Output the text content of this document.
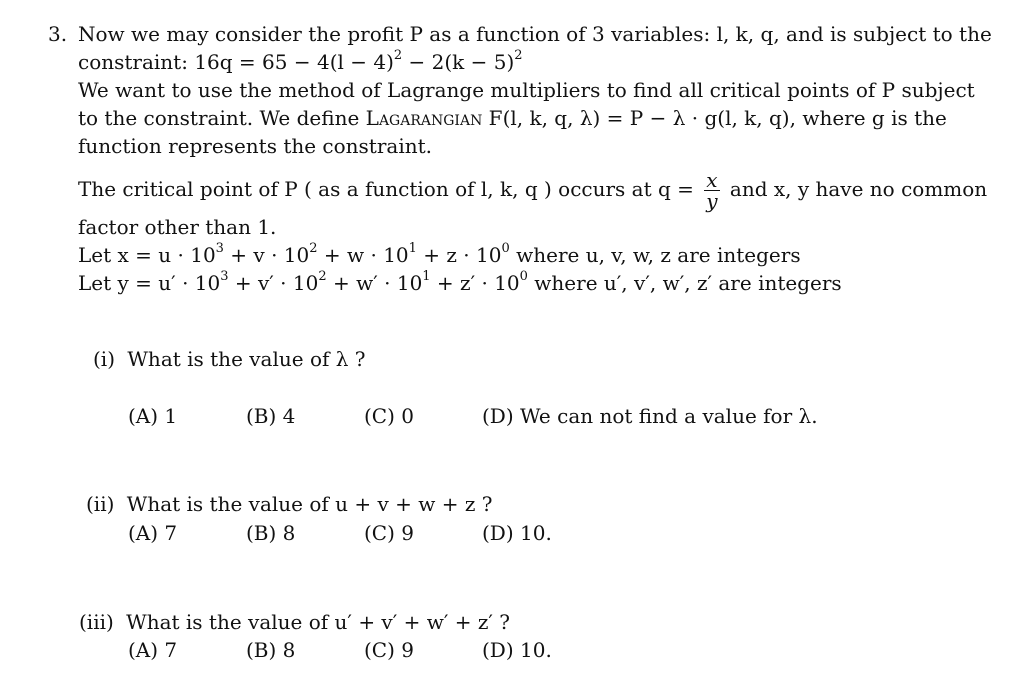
3. Now we may consider the profit P as a function of 3 variables: l, k, q, and is subject to the
constraint: $16q = 65 - 4(l - 4)^2 - 2(k - 5)^2$
We want to use the method of Lagrange multipliers to find all critical points of P subject
to the constraint. We define Lagarangian F(l, k, q, λ) = P − λ · g(l, k, q), where g is the
function represents the constraint.
The critical point of P ( as a function of l, k, q ) occurs at $q = \frac{x}{y}$ and x, y have no common
factor other than 1.
Let $x = u \cdot 10^3 + v \cdot 10^2 + w \cdot 10^1 + z \cdot 10^0$ where u, v, w, z are integers
Let $y = u' \cdot 10^3 + v' \cdot 10^2 + w' \cdot 10^1 + z' \cdot 10^0$ where u′, v′, w′, z′ are integers
(i) What is the value of λ ?
(A) 1	(B) 4	(C) 0	(D) We can not find a value for λ.
(ii) What is the value of u + v + w + z ?
(A) 7	(B) 8	(C) 9	(D) 10.
(iii) What is the value of u′ + v′ + w′ + z′ ?
(A) 7	(B) 8	(C) 9	(D) 10.
